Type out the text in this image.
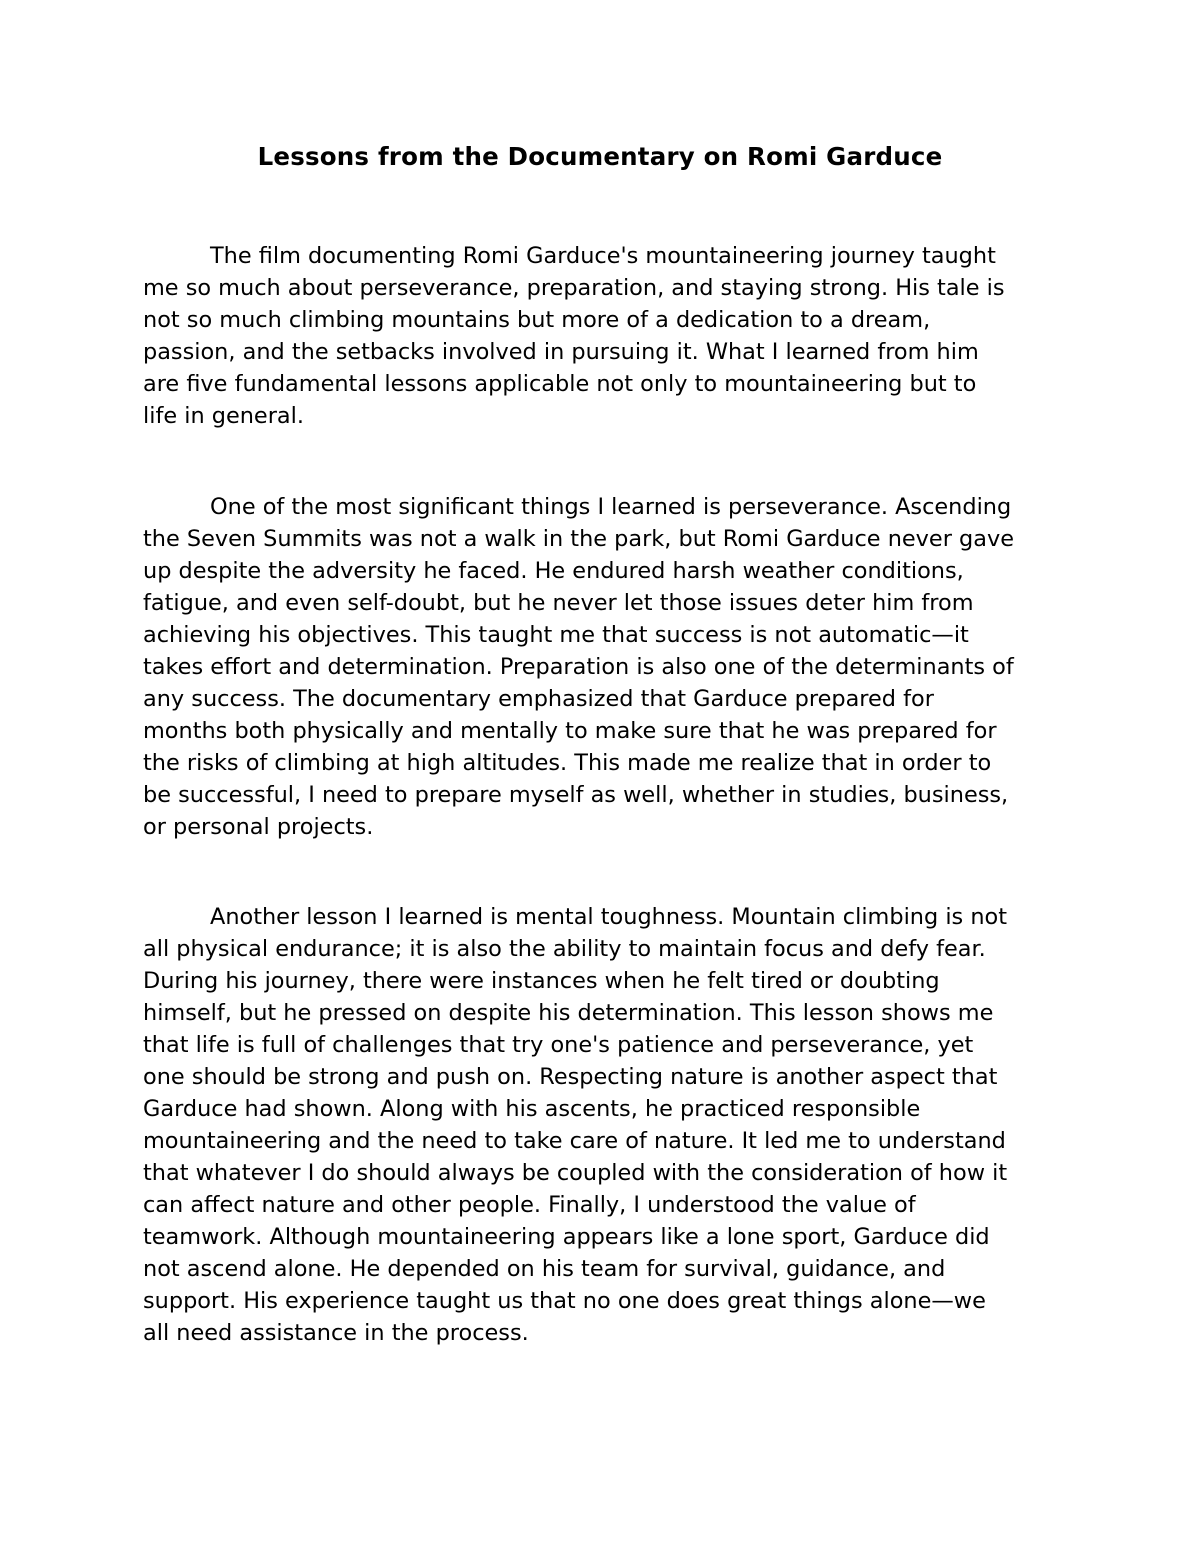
Lessons from the Documentary on Romi Garduce
The film documenting Romi Garduce's mountaineering journey taught
me so much about perseverance, preparation, and staying strong. His tale is
not so much climbing mountains but more of a dedication to a dream,
passion, and the setbacks involved in pursuing it. What I learned from him
are five fundamental lessons applicable not only to mountaineering but to
life in general.
One of the most significant things I learned is perseverance. Ascending
the Seven Summits was not a walk in the park, but Romi Garduce never gave
up despite the adversity he faced. He endured harsh weather conditions,
fatigue, and even self-doubt, but he never let those issues deter him from
achieving his objectives. This taught me that success is not automatic—it
takes effort and determination. Preparation is also one of the determinants of
any success. The documentary emphasized that Garduce prepared for
months both physically and mentally to make sure that he was prepared for
the risks of climbing at high altitudes. This made me realize that in order to
be successful, I need to prepare myself as well, whether in studies, business,
or personal projects.
Another lesson I learned is mental toughness. Mountain climbing is not
all physical endurance; it is also the ability to maintain focus and defy fear.
During his journey, there were instances when he felt tired or doubting
himself, but he pressed on despite his determination. This lesson shows me
that life is full of challenges that try one's patience and perseverance, yet
one should be strong and push on. Respecting nature is another aspect that
Garduce had shown. Along with his ascents, he practiced responsible
mountaineering and the need to take care of nature. It led me to understand
that whatever I do should always be coupled with the consideration of how it
can affect nature and other people. Finally, I understood the value of
teamwork. Although mountaineering appears like a lone sport, Garduce did
not ascend alone. He depended on his team for survival, guidance, and
support. His experience taught us that no one does great things alone—we
all need assistance in the process.
